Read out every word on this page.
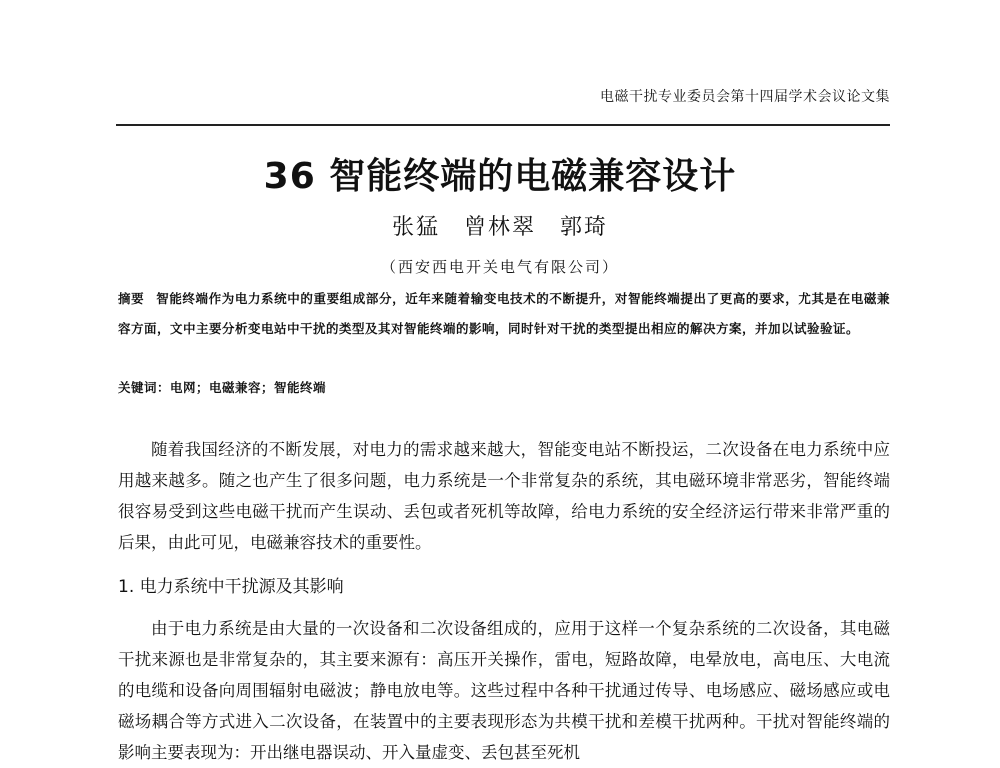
电磁干扰专业委员会第十四届学术会议论文集
36 智能终端的电磁兼容设计
张猛　曾林翠　郭琦
（西安西电开关电气有限公司）

摘要 智能终端作为电力系统中的重要组成部分，近年来随着输变电技术的不断提升，对智能终端提出了更高的要求，尤其是在电磁兼容方面，文中主要分析变电站中干扰的类型及其对智能终端的影响，同时针对干扰的类型提出相应的解决方案，并加以试验验证。

关键词：电网；电磁兼容；智能终端

随着我国经济的不断发展，对电力的需求越来越大，智能变电站不断投运，二次设备在电力系统中应用越来越多。随之也产生了很多问题，电力系统是一个非常复杂的系统，其电磁环境非常恶劣，智能终端很容易受到这些电磁干扰而产生误动、丢包或者死机等故障，给电力系统的安全经济运行带来非常严重的后果，由此可见，电磁兼容技术的重要性。

1. 电力系统中干扰源及其影响

由于电力系统是由大量的一次设备和二次设备组成的，应用于这样一个复杂系统的二次设备，其电磁干扰来源也是非常复杂的，其主要来源有：高压开关操作，雷电，短路故障，电晕放电，高电压、大电流的电缆和设备向周围辐射电磁波；静电放电等。这些过程中各种干扰通过传导、电场感应、磁场感应或电磁场耦合等方式进入二次设备，在装置中的主要表现形态为共模干扰和差模干扰两种。干扰对智能终端的影响主要表现为：开出继电器误动、开入量虚变、丢包甚至死机
